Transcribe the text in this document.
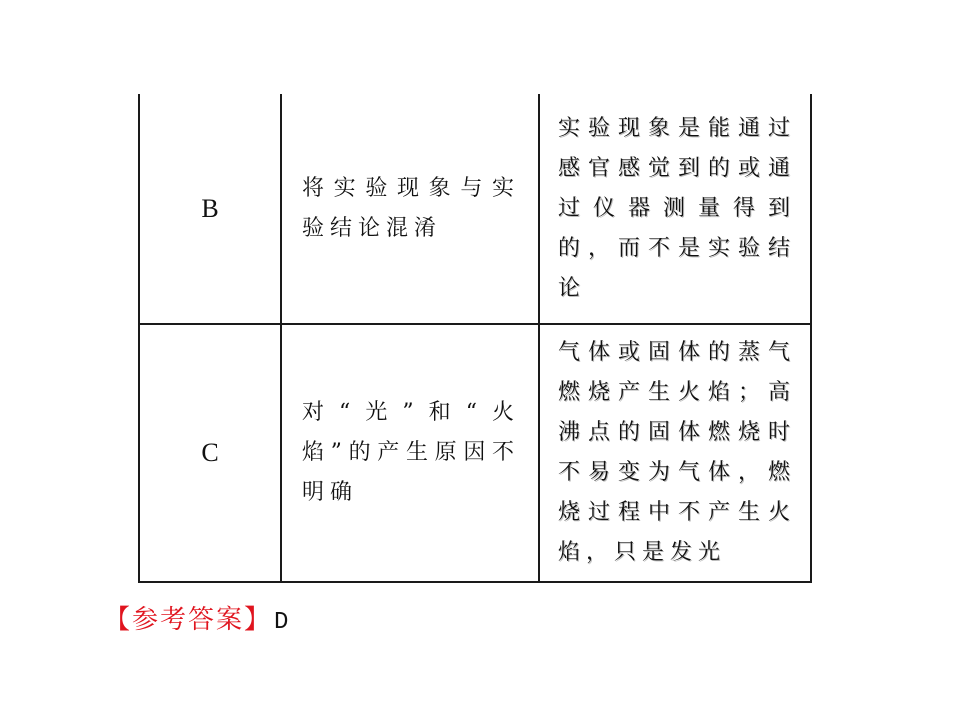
B	将实验现象与实验结论混淆	实验现象是能通过感官感觉到的或通过仪器测量得到的，而不是实验结论
C	对“光”和“火焰”的产生原因不明确	气体或固体的蒸气燃烧产生火焰；高沸点的固体燃烧时不易变为气体，燃烧过程中不产生火焰，只是发光
【参考答案】D
